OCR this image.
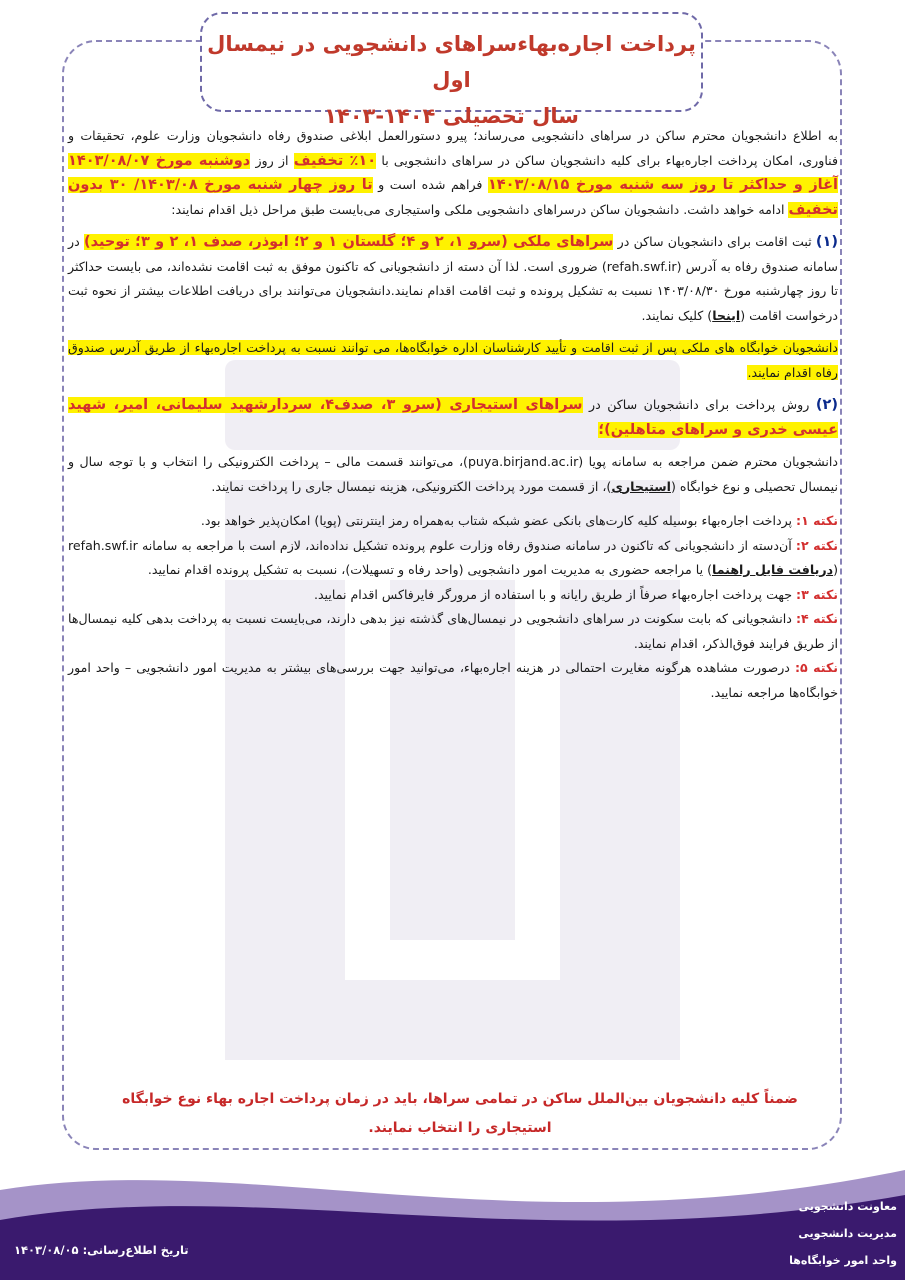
پرداخت اجاره‌بهاءسراهای دانشجویی در نیمسال اول
سال تحصیلی ۱۴۰۴-۱۴۰۳

به اطلاع دانشجویان محترم ساکن در سراهای دانشجویی می‌رساند؛ پیرو دستورالعمل ابلاغی صندوق رفاه دانشجویان وزارت علوم، تحقیقات و فناوری، امکان پرداخت اجاره‌بهاء برای کلیه دانشجویان ساکن در سراهای دانشجویی با ۱۰٪ تخفیف از روز دوشنبه مورخ ۱۴۰۳/۰۸/۰۷ آغاز و حداکثر تا روز سه شنبه مورخ ۱۴۰۳/۰۸/۱۵ فراهم شده است و تا روز چهار شنبه مورخ ۱۴۰۳/۰۸/ ۳۰ بدون تخفیف ادامه خواهد داشت. دانشجویان ساکن درسراهای دانشجویی ملکی واستیجاری می‌بایست طبق مراحل ذیل اقدام نمایند:

(۱) ثبت اقامت برای دانشجویان ساکن در سراهای ملکی (سرو ۱، ۲ و ۴؛ گلستان ۱ و ۲؛ ابوذر، صدف ۱، ۲ و ۳؛ توحید) در سامانه صندوق رفاه به آدرس (refah.swf.ir) ضروری است. لذا آن دسته از دانشجویانی که تاکنون موفق به ثبت اقامت نشده‌اند، می بایست حداکثر تا روز چهارشنبه مورخ ۱۴۰۳/۰۸/۳۰ نسبت به تشکیل پرونده و ثبت اقامت اقدام نمایند.دانشجویان می‌توانند برای دریافت اطلاعات بیشتر از نحوه ثبت درخواست اقامت (اینجا) کلیک نمایند.

دانشجویان خوابگاه های ملکی پس از ثبت اقامت و تأیید کارشناسان اداره خوابگاه‌ها، می توانند نسبت به پرداخت اجاره‌بهاء از طریق آدرس صندوق رفاه اقدام نمایند.

(۲) روش پرداخت برای دانشجویان ساکن در سراهای استیجاری (سرو ۳، صدف۴، سردارشهید سلیمانی، امیر، شهید عیسی خدری و سراهای متاهلین)؛

دانشجویان محترم ضمن مراجعه به سامانه پویا (puya.birjand.ac.ir)، می‌توانند قسمت مالی – پرداخت الکترونیکی را انتخاب و با توجه سال و نیمسال تحصیلی و نوع خوابگاه (استیجاری)، از قسمت مورد پرداخت الکترونیکی، هزینه نیمسال جاری را پرداخت نمایند.

نکته ۱: پرداخت اجاره‌بهاء بوسیله کلیه کارت‌های بانکی عضو شبکه شتاب به‌همراه رمز اینترنتی (پویا) امکان‌پذیر خواهد بود.

نکته ۲: آن‌دسته از دانشجویانی که تاکنون در سامانه صندوق رفاه وزارت علوم پرونده تشکیل نداده‌اند، لازم است با مراجعه به سامانه refah.swf.ir (دریافت فایل راهنما) یا مراجعه حضوری به مدیریت امور دانشجویی (واحد رفاه و تسهیلات)، نسبت به تشکیل پرونده اقدام نمایید.

نکته ۳: جهت پرداخت اجاره‌بهاء صرفاً از طریق رایانه و با استفاده از مرورگر فایرفاکس اقدام نمایید.

نکته ۴: دانشجویانی که بابت سکونت در سراهای دانشجویی در نیمسال‌های گذشته نیز بدهی دارند، می‌بایست نسبت به پرداخت بدهی کلیه نیمسال‌ها از طریق فرایند فوق‌الذکر، اقدام نمایند.

نکته ۵: درصورت مشاهده هرگونه مغایرت احتمالی در هزینه اجاره‌بهاء، می‌توانید جهت بررسی‌های بیشتر به مدیریت امور دانشجویی – واحد امور خوابگاه‌ها مراجعه نمایید.

ضمناً کلیه دانشجویان بین‌الملل ساکن در تمامی سراها، باید در زمان پرداخت اجاره بهاء نوع خوابگاه استیجاری را انتخاب نمایند.
معاونت دانشجویی
مدیریت دانشجویی
واحد امور خوابگاه‌ها
تاریخ اطلاع‌رسانی: ۱۴۰۳/۰۸/۰۵
